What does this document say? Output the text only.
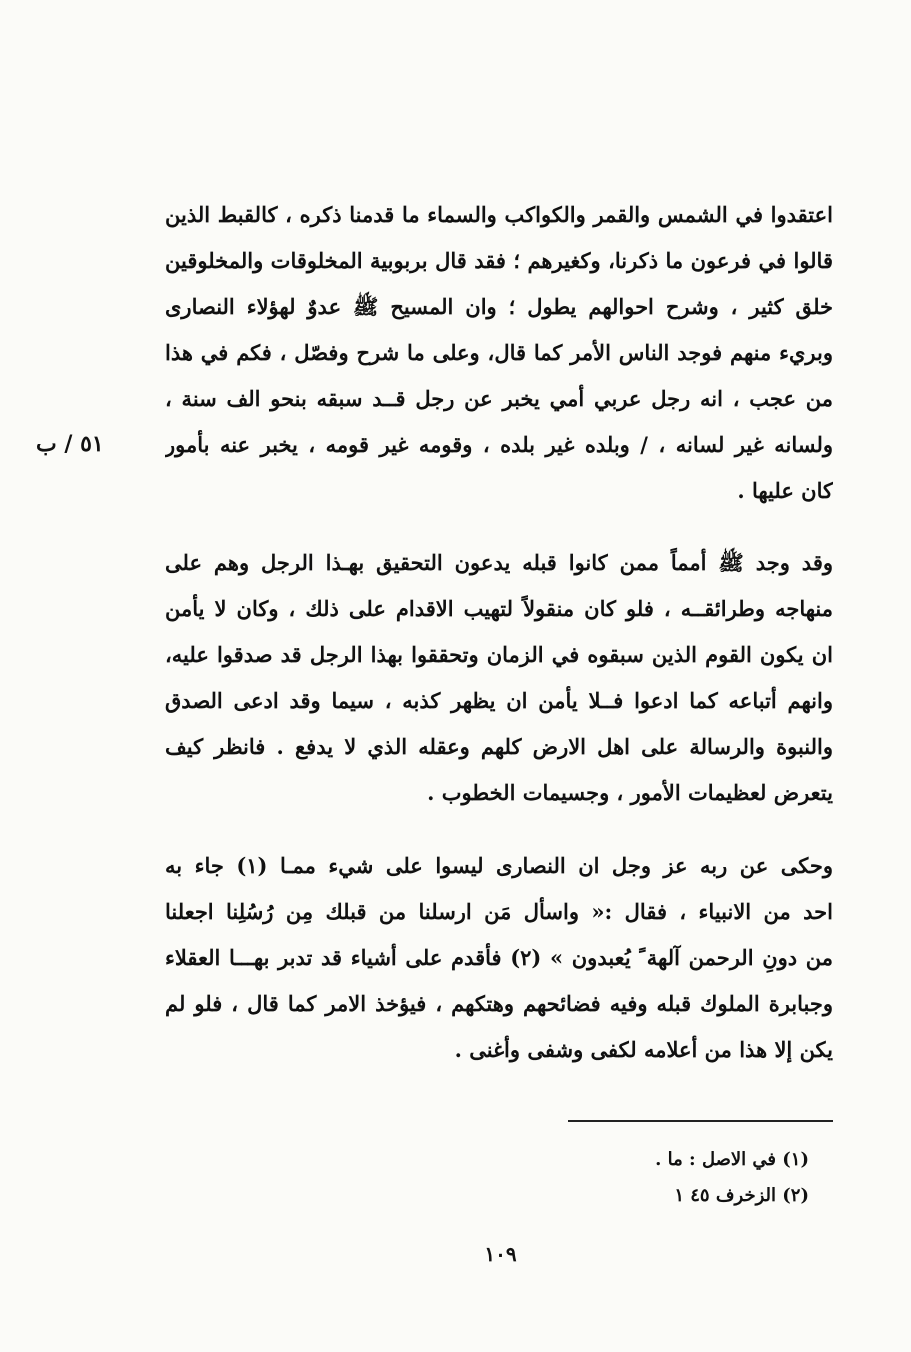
اعتقدوا في الشمس والقمر والكواكب والسماء ما قدمنا ذكره ، كالقبط الذين
قالوا في فرعون ما ذكرنا، وكغيرهم ؛ فقد قال بربوبية المخلوقات والمخلوقين
خلق كثير ، وشرح احوالهم يطول ؛ وان المسيح ﷺ عدوٌ لهؤلاء النصارى
وبريء منهم فوجد الناس الأمر كما قال، وعلى ما شرح وفصّل ، فكم في هذا
من عجب ، انه رجل عربي أمي يخبر عن رجل قــد سبقه بنحو الف سنة ،
ولسانه غير لسانه ، / وبلده غير بلده ، وقومه غير قومه ، يخبر عنه بأمور
كان عليها .
٥١ / ب
وقد وجد ﷺ أمماً ممن كانوا قبله يدعون التحقيق بهـذا الرجل وهم على
منهاجه وطرائقــه ، فلو كان منقولاً لتهيب الاقدام على ذلك ، وكان لا يأمن
ان يكون القوم الذين سبقوه في الزمان وتحققوا بهذا الرجل قد صدقوا عليه،
وانهم أتباعه كما ادعوا فــلا يأمن ان يظهر كذبه ، سيما وقد ادعى الصدق
والنبوة والرسالة على اهل الارض كلهم وعقله الذي لا يدفع . فانظر كيف
يتعرض لعظيمات الأمور ، وجسيمات الخطوب .
وحكى عن ربه عز وجل ان النصارى ليسوا على شيء ممـا (١) جاء به
احد من الانبياء ، فقال :« واسأل مَن ارسلنا من قبلك مِن رُسُلِنا اجعلنا
من دونِ الرحمن آلهة ً يُعبدون » (٢) فأقدم على أشياء قد تدبر بهـــا العقلاء
وجبابرة الملوك قبله وفيه فضائحهم وهتكهم ، فيؤخذ الامر كما قال ، فلو لم
يكن إلا هذا من أعلامه لكفى وشفى وأغنى .
(١) في الاصل : ما .
(٢) الزخرف ٤٥ ١
١٠٩
